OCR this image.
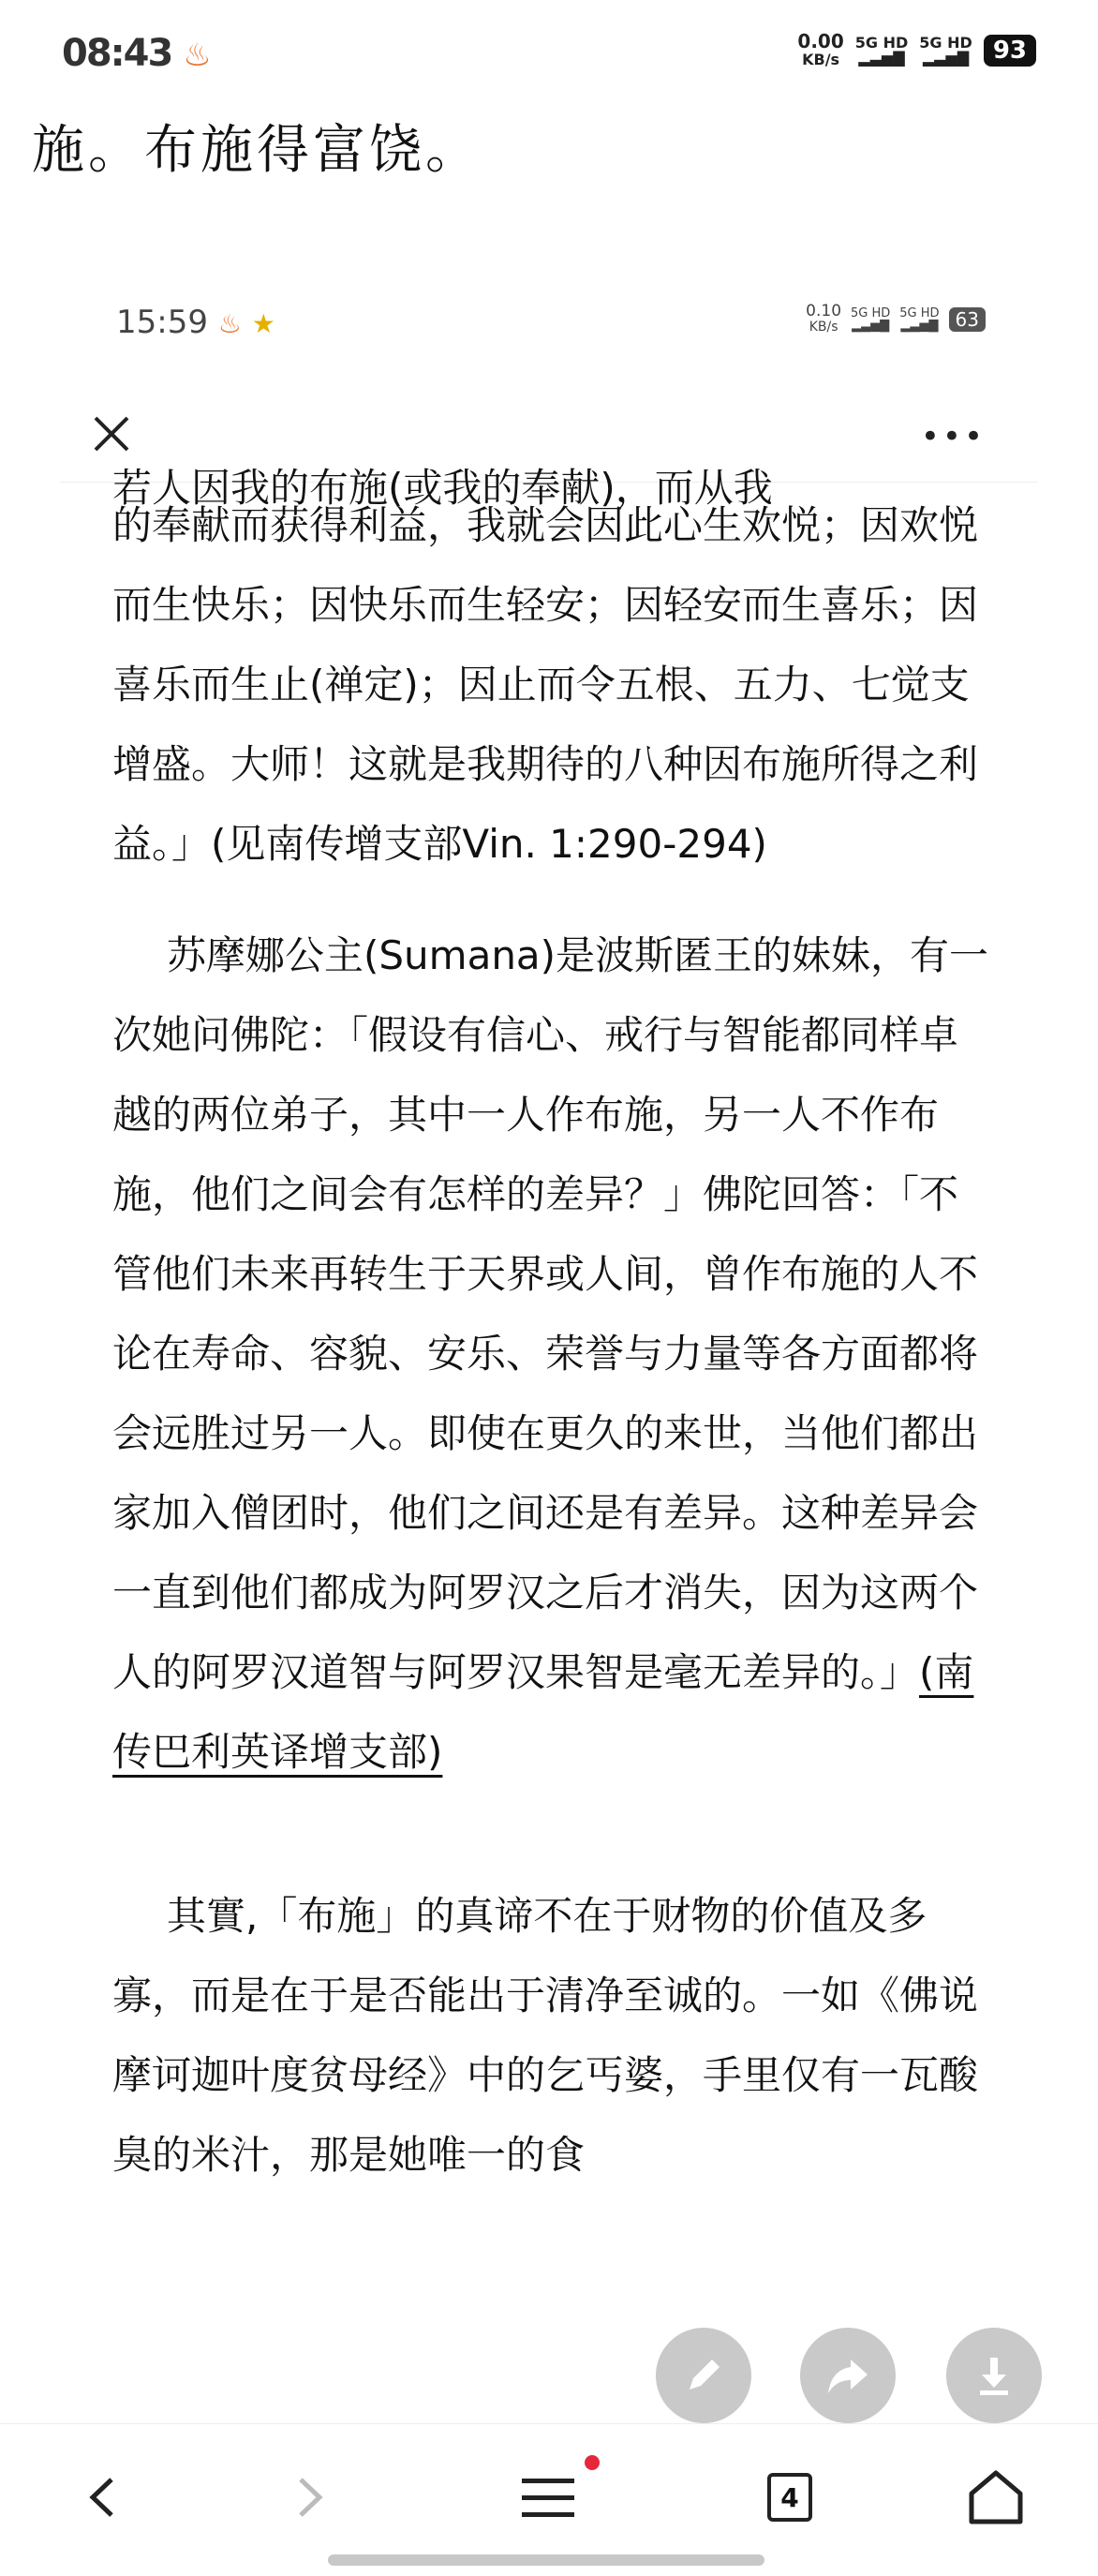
08:43 ♨	0.00
KB/s
5G HD
▂▃▅▇
5G HD
▂▃▅▇ 93
施。布施得富饶。
15:59 ♨ ★	0.10
KB/s
5G HD
▂▃▅▇
5G HD
▂▃▅▇ 63
•••

若人因我的布施(或我的奉献)，而从我

的奉献而获得利益，我就会因此心生欢悦；因欢悦而生快乐；因快乐而生轻安；因轻安而生喜乐；因喜乐而生止(禅定)；因止而令五根、五力、七觉支增盛。大师！这就是我期待的八种因布施所得之利益。」(见南传增支部Vin. 1:290-294)

苏摩娜公主(Sumana)是波斯匿王的妹妹，有一次她问佛陀：「假设有信心、戒行与智能都同样卓越的两位弟子，其中一人作布施，另一人不作布施，他们之间会有怎样的差异？」佛陀回答：「不管他们未来再转生于天界或人间，曾作布施的人不论在寿命、容貌、安乐、荣誉与力量等各方面都将会远胜过另一人。即使在更久的来世，当他们都出家加入僧团时，他们之间还是有差异。这种差异会一直到他们都成为阿罗汉之后才消失，因为这两个人的阿罗汉道智与阿罗汉果智是毫无差异的。」(南传巴利英译增支部)

其實,「布施」的真谛不在于财物的价值及多寡，而是在于是否能出于清净至诚的。一如《佛说摩诃迦叶度贫母经》中的乞丐婆，手里仅有一瓦酸臭的米汁，那是她唯一的食

4
